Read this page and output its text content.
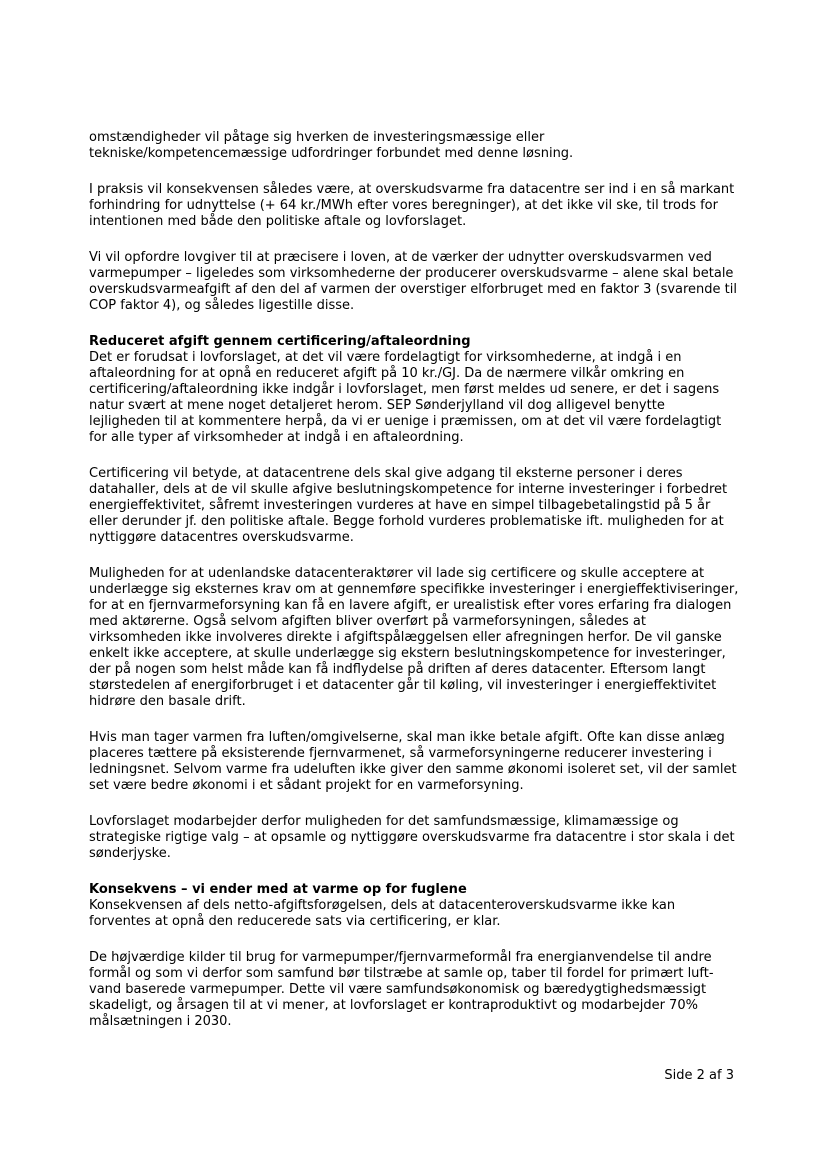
omstændigheder vil påtage sig hverken de investeringsmæssige eller tekniske/kompetencemæssige udfordringer forbundet med denne løsning.

I praksis vil konsekvensen således være, at overskudsvarme fra datacentre ser ind i en så markant forhindring for udnyttelse (+ 64 kr./MWh efter vores beregninger), at det ikke vil ske, til trods for intentionen med både den politiske aftale og lovforslaget.

Vi vil opfordre lovgiver til at præcisere i loven, at de værker der udnytter overskudsvarmen ved varmepumper – ligeledes som virksomhederne der producerer overskudsvarme – alene skal betale overskudsvarmeafgift af den del af varmen der overstiger elforbruget med en faktor 3 (svarende til COP faktor 4), og således ligestille disse.

Reduceret afgift gennem certificering/aftaleordning

Det er forudsat i lovforslaget, at det vil være fordelagtigt for virksomhederne, at indgå i en aftaleordning for at opnå en reduceret afgift på 10 kr./GJ. Da de nærmere vilkår omkring en certificering/aftaleordning ikke indgår i lovforslaget, men først meldes ud senere, er det i sagens natur svært at mene noget detaljeret herom. SEP Sønderjylland vil dog alligevel benytte lejligheden til at kommentere herpå, da vi er uenige i præmissen, om at det vil være fordelagtigt for alle typer af virksomheder at indgå i en aftaleordning.

Certificering vil betyde, at datacentrene dels skal give adgang til eksterne personer i deres datahaller, dels at de vil skulle afgive beslutningskompetence for interne investeringer i forbedret energieffektivitet, såfremt investeringen vurderes at have en simpel tilbagebetalingstid på 5 år eller derunder jf. den politiske aftale. Begge forhold vurderes problematiske ift. muligheden for at nyttiggøre datacentres overskudsvarme.

Muligheden for at udenlandske datacenteraktører vil lade sig certificere og skulle acceptere at underlægge sig eksternes krav om at gennemføre specifikke investeringer i energieffektiviseringer, for at en fjernvarmeforsyning kan få en lavere afgift, er urealistisk efter vores erfaring fra dialogen med aktørerne. Også selvom afgiften bliver overført på varmeforsyningen, således at virksomheden ikke involveres direkte i afgiftspålæggelsen eller afregningen herfor. De vil ganske enkelt ikke acceptere, at skulle underlægge sig ekstern beslutningskompetence for investeringer, der på nogen som helst måde kan få indflydelse på driften af deres datacenter. Eftersom langt størstedelen af energiforbruget i et datacenter går til køling, vil investeringer i energieffektivitet hidrøre den basale drift.

Hvis man tager varmen fra luften/omgivelserne, skal man ikke betale afgift. Ofte kan disse anlæg placeres tættere på eksisterende fjernvarmenet, så varmeforsyningerne reducerer investering i ledningsnet. Selvom varme fra udeluften ikke giver den samme økonomi isoleret set, vil der samlet set være bedre økonomi i et sådant projekt for en varmeforsyning.

Lovforslaget modarbejder derfor muligheden for det samfundsmæssige, klimamæssige og strategiske rigtige valg – at opsamle og nyttiggøre overskudsvarme fra datacentre i stor skala i det sønderjyske.

Konsekvens – vi ender med at varme op for fuglene

Konsekvensen af dels netto-afgiftsforøgelsen, dels at datacenteroverskudsvarme ikke kan forventes at opnå den reducerede sats via certificering, er klar.

De højværdige kilder til brug for varmepumper/fjernvarmeformål fra energianvendelse til andre formål og som vi derfor som samfund bør tilstræbe at samle op, taber til fordel for primært luft-vand baserede varmepumper. Dette vil være samfundsøkonomisk og bæredygtighedsmæssigt skadeligt, og årsagen til at vi mener, at lovforslaget er kontraproduktivt og modarbejder 70% målsætningen i 2030.

Side 2 af 3
